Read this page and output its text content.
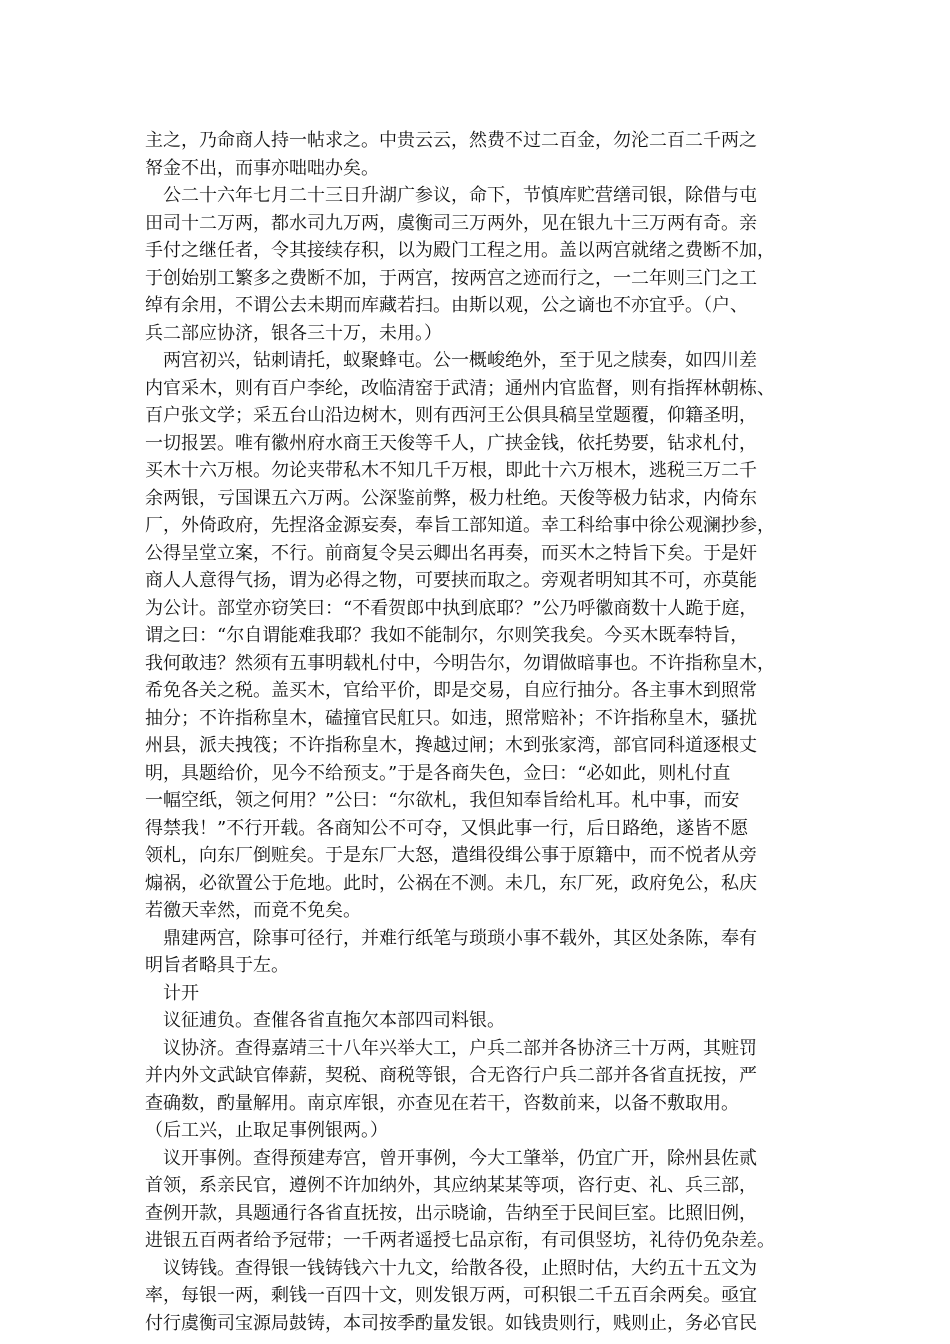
主之，乃命商人持一帖求之。中贵云云，然费不过二百金，勿沦二百二千两之
帑金不出，而事亦咄咄办矣。
公二十六年七月二十三日升湖广参议，命下，节慎库贮营缮司银，除借与屯
田司十二万两，都水司九万两，虞衡司三万两外，见在银九十三万两有奇。亲
手付之继任者，令其接续存积，以为殿门工程之用。盖以两宫就绪之费断不加，
于创始别工繁多之费断不加，于两宫，按两宫之迹而行之，一二年则三门之工
绰有余用，不谓公去未期而库藏若扫。由斯以观，公之谪也不亦宜乎。（户、
兵二部应协济，银各三十万，未用。）
两宫初兴，钻刺请托，蚁聚蜂屯。公一概峻绝外，至于见之牍奏，如四川差
内官采木，则有百户李纶，改临清窑于武清；通州内官监督，则有指挥林朝栋、
百户张文学；采五台山沿边树木，则有西河王公俱具稿呈堂题覆，仰籍圣明，
一切报罢。唯有徽州府水商王天俊等千人，广挟金钱，依托势要，钻求札付，
买木十六万根。勿论夹带私木不知几千万根，即此十六万根木，逃税三万二千
余两银，亏国课五六万两。公深鉴前弊，极力杜绝。天俊等极力钻求，内倚东
厂，外倚政府，先捏洛金源妄奏，奉旨工部知道。幸工科给事中徐公观澜抄参，
公得呈堂立案，不行。前商复令吴云卿出名再奏，而买木之特旨下矣。于是奸
商人人意得气扬，谓为必得之物，可要挟而取之。旁观者明知其不可，亦莫能
为公计。部堂亦窃笑曰：“不看贺郎中执到底耶？”公乃呼徽商数十人跪于庭，
谓之曰：“尔自谓能难我耶？我如不能制尔，尔则笑我矣。今买木既奉特旨，
我何敢违？然须有五事明载札付中，今明告尔，勿谓做暗事也。不许指称皇木，
希免各关之税。盖买木，官给平价，即是交易，自应行抽分。各主事木到照常
抽分；不许指称皇木，磕撞官民舡只。如违，照常赔补；不许指称皇木，骚扰
州县，派夫拽筏；不许指称皇木，搀越过闸；木到张家湾，部官同科道逐根丈
明，具题给价，见今不给预支。”于是各商失色，佥曰：“必如此，则札付直
一幅空纸，领之何用？”公曰：“尔欲札，我但知奉旨给札耳。札中事，而安
得禁我！”不行开载。各商知公不可夺，又惧此事一行，后日路绝，遂皆不愿
领札，向东厂倒赃矣。于是东厂大怒，遣缉役缉公事于原籍中，而不悦者从旁
煽祸，必欲置公于危地。此时，公祸在不测。未几，东厂死，政府免公，私庆
若徼天幸然，而竟不免矣。
鼎建两宫，除事可径行，并难行纸笔与琐琐小事不载外，其区处条陈，奉有
明旨者略具于左。
计开
议征逋负。查催各省直拖欠本部四司料银。
议协济。查得嘉靖三十八年兴举大工，户兵二部并各协济三十万两，其赃罚
并内外文武缺官俸薪，契税、商税等银，合无咨行户兵二部并各省直抚按，严
查确数，酌量解用。南京库银，亦查见在若干，咨数前来，以备不敷取用。
（后工兴，止取足事例银两。）
议开事例。查得预建寿宫，曾开事例，今大工肇举，仍宜广开，除州县佐贰
首领，系亲民官，遵例不许加纳外，其应纳某某等项，咨行吏、礼、兵三部，
查例开款，具题通行各省直抚按，出示晓谕，告纳至于民间巨室。比照旧例，
进银五百两者给予冠带；一千两者遥授七品京衔，有司俱竖坊，礼待仍免杂差。
议铸钱。查得银一钱铸钱六十九文，给散各役，止照时估，大约五十五文为
率，每银一两，剩钱一百四十文，则发银万两，可积银二千五百余两矣。亟宜
付行虞衡司宝源局鼓铸，本司按季酌量发银。如钱贵则行，贱则止，务必官民
